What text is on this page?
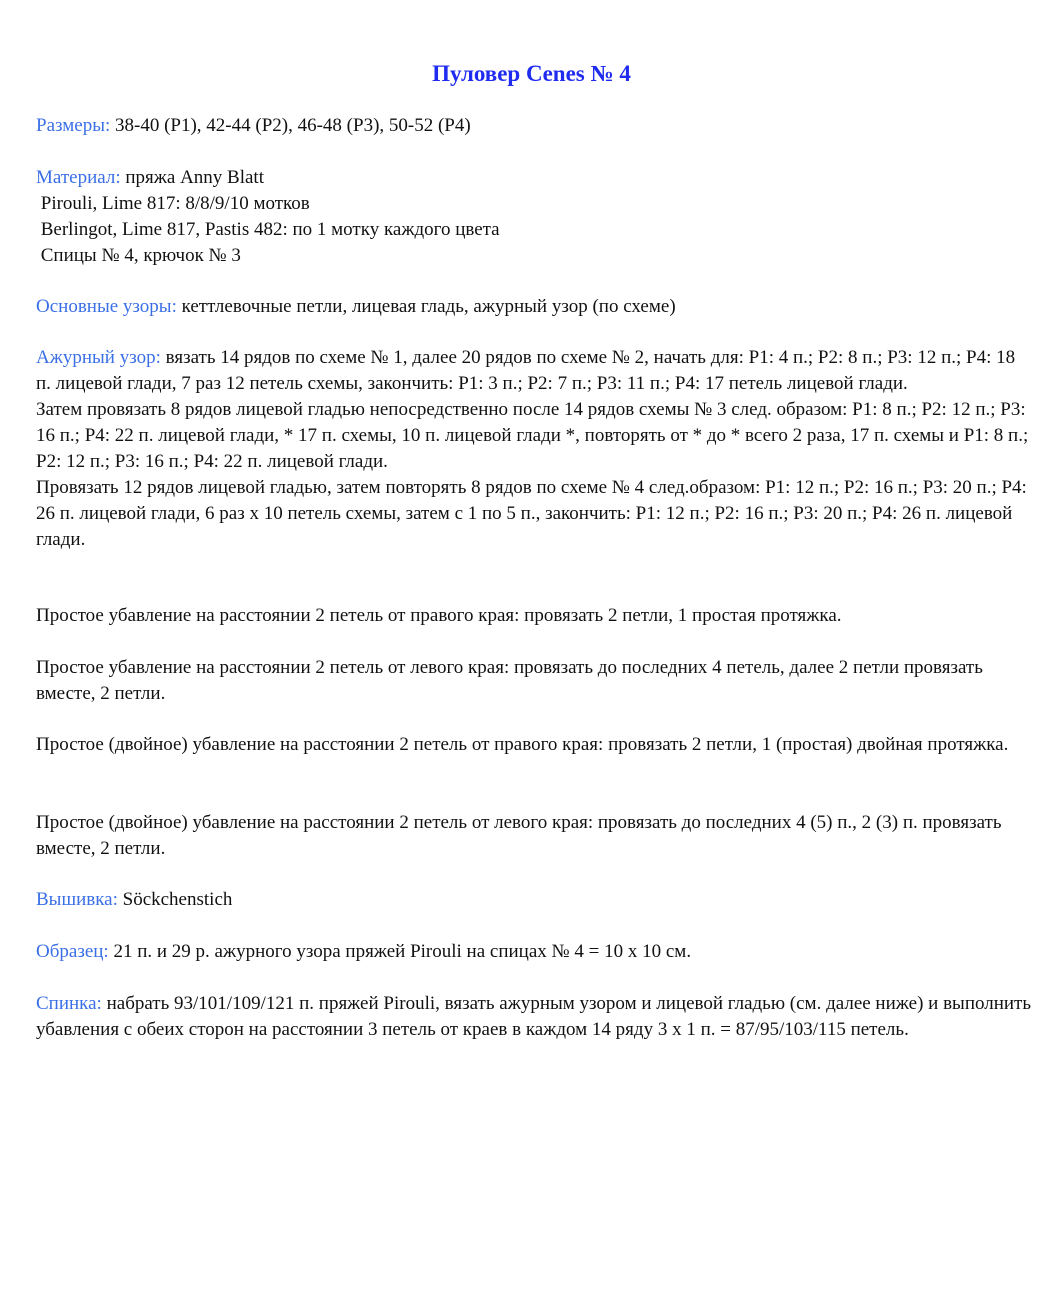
Пуловер Cenes № 4

Размеры: 38-40 (Р1), 42-44 (Р2), 46-48 (Р3), 50-52 (Р4)

Материал: пряжа Anny Blatt
Pirouli, Lime 817: 8/8/9/10 мотков
Berlingot, Lime 817, Pastis 482: по 1 мотку каждого цвета
Спицы № 4, крючок № 3

Основные узоры: кеттлевочные петли, лицевая гладь, ажурный узор (по схеме)

Ажурный узор: вязать 14 рядов по схеме № 1, далее 20 рядов по схеме № 2, начать для: Р1: 4 п.; Р2: 8 п.; Р3: 12 п.; Р4: 18 п. лицевой глади, 7 раз 12 петель схемы, закончить: Р1: 3 п.; Р2: 7 п.; Р3: 11 п.; Р4: 17 петель лицевой глади.

Затем провязать 8 рядов лицевой гладью непосредственно после 14 рядов схемы № 3 след. образом: Р1: 8 п.; Р2: 12 п.; Р3: 16 п.; Р4: 22 п. лицевой глади, * 17 п. схемы, 10 п. лицевой глади *, повторять от * до * всего 2 раза, 17 п. схемы и Р1: 8 п.; Р2: 12 п.; Р3: 16 п.; Р4: 22 п. лицевой глади.

Провязать 12 рядов лицевой гладью, затем повторять 8 рядов по схеме № 4 след.образом: Р1: 12 п.; Р2: 16 п.; Р3: 20 п.; Р4: 26 п. лицевой глади, 6 раз х 10 петель схемы, затем с 1 по 5 п., закончить: Р1: 12 п.; Р2: 16 п.; Р3: 20 п.; Р4: 26 п. лицевой глади.

Простое убавление на расстоянии 2 петель от правого края: провязать 2 петли, 1 простая протяжка.

Простое убавление на расстоянии 2 петель от левого края: провязать до последних 4 петель, далее 2 петли провязать вместе, 2 петли.

Простое (двойное) убавление на расстоянии 2 петель от правого края: провязать 2 петли, 1 (простая) двойная протяжка.

Простое (двойное) убавление на расстоянии 2 петель от левого края: провязать до последних 4 (5) п., 2 (3) п. провязать вместе, 2 петли.

Вышивка: Söckchenstich

Образец: 21 п. и 29 р. ажурного узора пряжей Pirouli на спицах № 4 = 10 x 10 см.

Спинка: набрать 93/101/109/121 п. пряжей Pirouli, вязать ажурным узором и лицевой гладью (см. далее ниже) и выполнить убавления с обеих сторон на расстоянии 3 петель от краев в каждом 14 ряду 3 х 1 п. = 87/95/103/115 петель.
